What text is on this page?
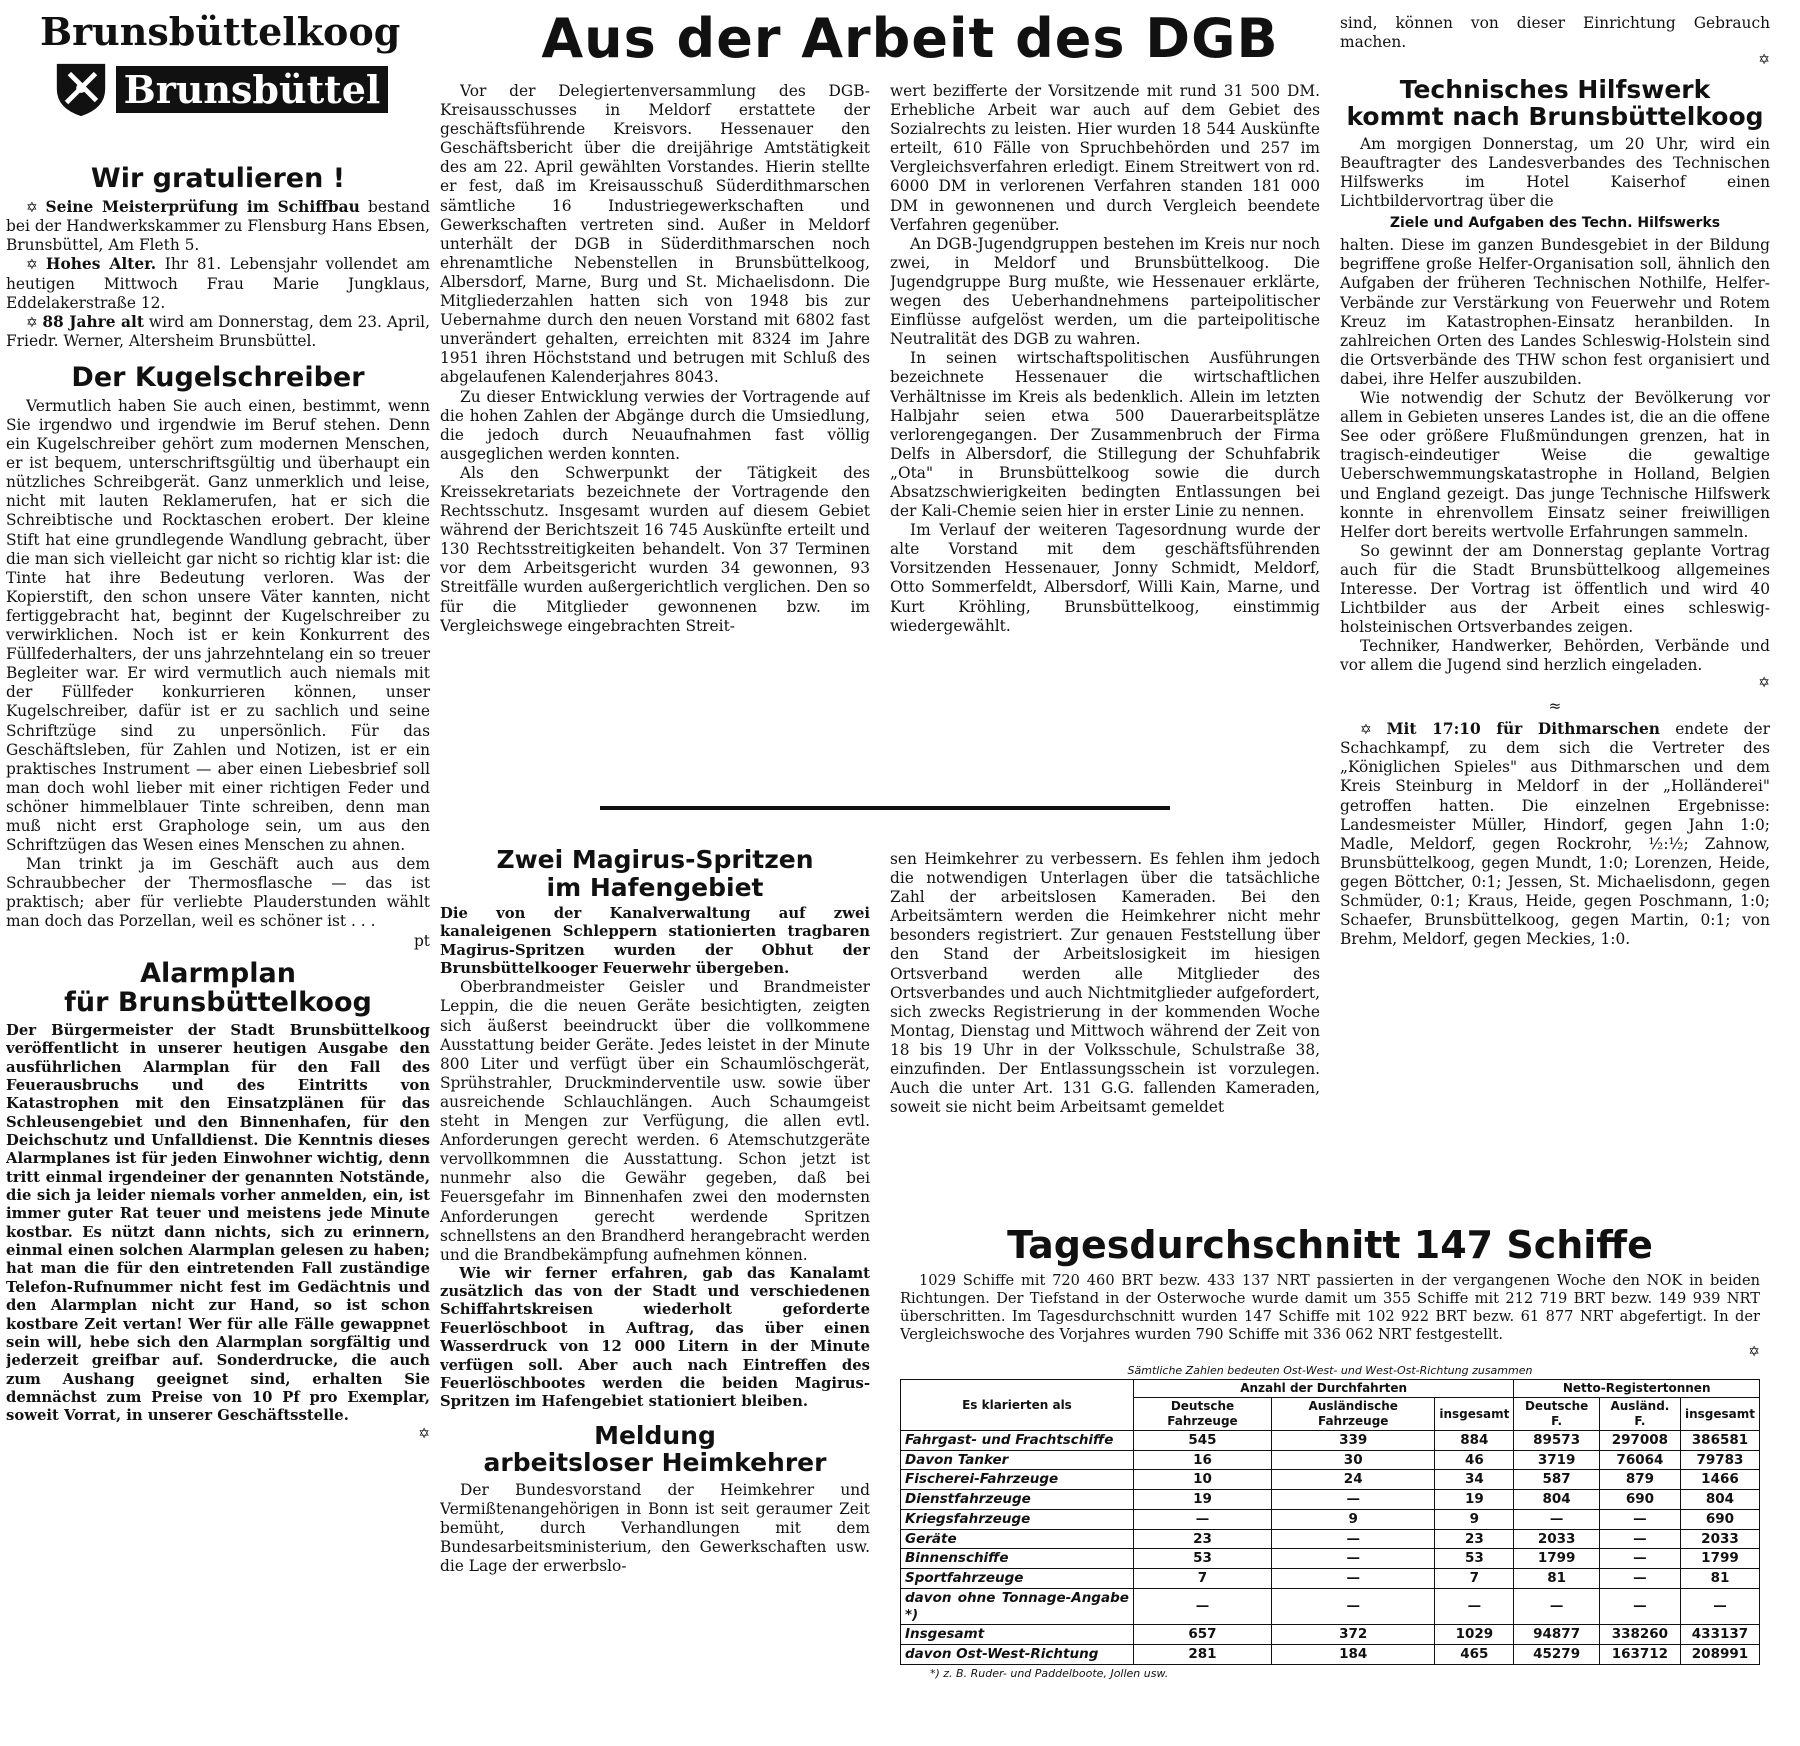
Brunsbüttelkoog
Brunsbüttel
Aus der Arbeit des DGB
Wir gratulieren !

✡ Seine Meisterprüfung im Schiffbau bestand bei der Handwerkskammer zu Flensburg Hans Ebsen, Brunsbüttel, Am Fleth 5.

✡ Hohes Alter. Ihr 81. Lebensjahr vollendet am heutigen Mittwoch Frau Marie Jungklaus, Eddelakerstraße 12.

✡ 88 Jahre alt wird am Donnerstag, dem 23. April, Friedr. Werner, Altersheim Brunsbüttel.

Der Kugelschreiber

Vermutlich haben Sie auch einen, bestimmt, wenn Sie irgendwo und irgendwie im Beruf stehen. Denn ein Kugelschreiber gehört zum modernen Menschen, er ist bequem, unterschriftsgültig und überhaupt ein nützliches Schreibgerät. Ganz unmerklich und leise, nicht mit lauten Reklamerufen, hat er sich die Schreibtische und Rocktaschen erobert. Der kleine Stift hat eine grundlegende Wandlung gebracht, über die man sich vielleicht gar nicht so richtig klar ist: die Tinte hat ihre Bedeutung verloren. Was der Kopierstift, den schon unsere Väter kannten, nicht fertiggebracht hat, beginnt der Kugelschreiber zu verwirklichen. Noch ist er kein Konkurrent des Füllfederhalters, der uns jahrzehntelang ein so treuer Begleiter war. Er wird vermutlich auch niemals mit der Füllfeder konkurrieren können, unser Kugelschreiber, dafür ist er zu sachlich und seine Schriftzüge sind zu unpersönlich. Für das Geschäftsleben, für Zahlen und Notizen, ist er ein praktisches Instrument — aber einen Liebesbrief soll man doch wohl lieber mit einer richtigen Feder und schöner himmelblauer Tinte schreiben, denn man muß nicht erst Graphologe sein, um aus den Schriftzügen das Wesen eines Menschen zu ahnen.

Man trinkt ja im Geschäft auch aus dem Schraubbecher der Thermosflasche — das ist praktisch; aber für verliebte Plauderstunden wählt man doch das Porzellan, weil es schöner ist . . .

pt
Alarmplan
für Brunsbüttelkoog

Der Bürgermeister der Stadt Brunsbüttelkoog veröffentlicht in unserer heutigen Ausgabe den ausführlichen Alarmplan für den Fall des Feuerausbruchs und des Eintritts von Katastrophen mit den Einsatzplänen für das Schleusengebiet und den Binnenhafen, für den Deichschutz und Unfalldienst. Die Kenntnis dieses Alarmplanes ist für jeden Einwohner wichtig, denn tritt einmal irgendeiner der genannten Notstände, die sich ja leider niemals vorher anmelden, ein, ist immer guter Rat teuer und meistens jede Minute kostbar. Es nützt dann nichts, sich zu erinnern, einmal einen solchen Alarmplan gelesen zu haben; hat man die für den eintretenden Fall zuständige Telefon-Rufnummer nicht fest im Gedächtnis und den Alarmplan nicht zur Hand, so ist schon kostbare Zeit vertan! Wer für alle Fälle gewappnet sein will, hebe sich den Alarmplan sorgfältig und jederzeit greifbar auf. Sonderdrucke, die auch zum Aushang geeignet sind, erhalten Sie demnächst zum Preise von 10 Pf pro Exemplar, soweit Vorrat, in unserer Geschäftsstelle.

✡

Vor der Delegiertenversammlung des DGB-Kreisausschusses in Meldorf erstattete der geschäftsführende Kreisvors. Hessenauer den Geschäftsbericht über die dreijährige Amtstätigkeit des am 22. April gewählten Vorstandes. Hierin stellte er fest, daß im Kreisausschuß Süderdithmarschen sämtliche 16 Industriegewerkschaften und Gewerkschaften vertreten sind. Außer in Meldorf unterhält der DGB in Süderdithmarschen noch ehrenamtliche Nebenstellen in Brunsbüttelkoog, Albersdorf, Marne, Burg und St. Michaelisdonn. Die Mitgliederzahlen hatten sich von 1948 bis zur Uebernahme durch den neuen Vorstand mit 6802 fast unverändert gehalten, erreichten mit 8324 im Jahre 1951 ihren Höchststand und betrugen mit Schluß des abgelaufenen Kalenderjahres 8043.

Zu dieser Entwicklung verwies der Vortragende auf die hohen Zahlen der Abgänge durch die Umsiedlung, die jedoch durch Neuaufnahmen fast völlig ausgeglichen werden konnten.

Als den Schwerpunkt der Tätigkeit des Kreissekretariats bezeichnete der Vortragende den Rechtsschutz. Insgesamt wurden auf diesem Gebiet während der Berichtszeit 16 745 Auskünfte erteilt und 130 Rechtsstreitigkeiten behandelt. Von 37 Terminen vor dem Arbeitsgericht wurden 34 gewonnen, 93 Streitfälle wurden außergerichtlich verglichen. Den so für die Mitglieder gewonnenen bzw. im Vergleichswege eingebrachten Streit-

wert bezifferte der Vorsitzende mit rund 31 500 DM. Erhebliche Arbeit war auch auf dem Gebiet des Sozialrechts zu leisten. Hier wurden 18 544 Auskünfte erteilt, 610 Fälle von Spruchbehörden und 257 im Vergleichsverfahren erledigt. Einem Streitwert von rd. 6000 DM in verlorenen Verfahren standen 181 000 DM in gewonnenen und durch Vergleich beendete Verfahren gegenüber.

An DGB-Jugendgruppen bestehen im Kreis nur noch zwei, in Meldorf und Brunsbüttelkoog. Die Jugendgruppe Burg mußte, wie Hessenauer erklärte, wegen des Ueberhandnehmens parteipolitischer Einflüsse aufgelöst werden, um die parteipolitische Neutralität des DGB zu wahren.

In seinen wirtschaftspolitischen Ausführungen bezeichnete Hessenauer die wirtschaftlichen Verhältnisse im Kreis als bedenklich. Allein im letzten Halbjahr seien etwa 500 Dauerarbeitsplätze verlorengegangen. Der Zusammenbruch der Firma Delfs in Albersdorf, die Stillegung der Schuhfabrik „Ota" in Brunsbüttelkoog sowie die durch Absatzschwierigkeiten bedingten Entlassungen bei der Kali-Chemie seien hier in erster Linie zu nennen.

Im Verlauf der weiteren Tagesordnung wurde der alte Vorstand mit dem geschäftsführenden Vorsitzenden Hessenauer, Jonny Schmidt, Meldorf, Otto Sommerfeldt, Albersdorf, Willi Kain, Marne, und Kurt Kröhling, Brunsbüttelkoog, einstimmig wiedergewählt.

Zwei Magirus-Spritzen
im Hafengebiet

Die von der Kanalverwaltung auf zwei kanaleigenen Schleppern stationierten tragbaren Magirus-Spritzen wurden der Obhut der Brunsbüttelkooger Feuerwehr übergeben.

Oberbrandmeister Geisler und Brandmeister Leppin, die die neuen Geräte besichtigten, zeigten sich äußerst beeindruckt über die vollkommene Ausstattung beider Geräte. Jedes leistet in der Minute 800 Liter und verfügt über ein Schaumlöschgerät, Sprühstrahler, Druckminderventile usw. sowie über ausreichende Schlauchlängen. Auch Schaumgeist steht in Mengen zur Verfügung, die allen evtl. Anforderungen gerecht werden. 6 Atemschutzgeräte vervollkommnen die Ausstattung. Schon jetzt ist nunmehr also die Gewähr gegeben, daß bei Feuersgefahr im Binnenhafen zwei den modernsten Anforderungen gerecht werdende Spritzen schnellstens an den Brandherd herangebracht werden und die Brandbekämpfung aufnehmen können.

Wie wir ferner erfahren, gab das Kanalamt zusätzlich das von der Stadt und verschiedenen Schiffahrtskreisen wiederholt geforderte Feuerlöschboot in Auftrag, das über einen Wasserdruck von 12 000 Litern in der Minute verfügen soll. Aber auch nach Eintreffen des Feuerlöschbootes werden die beiden Magirus-Spritzen im Hafengebiet stationiert bleiben.

Meldung
arbeitsloser Heimkehrer

Der Bundesvorstand der Heimkehrer und Vermißtenangehörigen in Bonn ist seit geraumer Zeit bemüht, durch Verhandlungen mit dem Bundesarbeitsministerium, den Gewerkschaften usw. die Lage der erwerbslo-

sen Heimkehrer zu verbessern. Es fehlen ihm jedoch die notwendigen Unterlagen über die tatsächliche Zahl der arbeitslosen Kameraden. Bei den Arbeitsämtern werden die Heimkehrer nicht mehr besonders registriert. Zur genauen Feststellung über den Stand der Arbeitslosigkeit im hiesigen Ortsverband werden alle Mitglieder des Ortsverbandes und auch Nichtmitglieder aufgefordert, sich zwecks Registrierung in der kommenden Woche Montag, Dienstag und Mittwoch während der Zeit von 18 bis 19 Uhr in der Volksschule, Schulstraße 38, einzufinden. Der Entlassungsschein ist vorzulegen. Auch die unter Art. 131 G.G. fallenden Kameraden, soweit sie nicht beim Arbeitsamt gemeldet

sind, können von dieser Einrichtung Gebrauch machen.

✡
Technisches Hilfswerk
kommt nach Brunsbüttelkoog

Am morgigen Donnerstag, um 20 Uhr, wird ein Beauftragter des Landesverbandes des Technischen Hilfswerks im Hotel Kaiserhof einen Lichtbildervortrag über die

Ziele und Aufgaben des Techn. Hilfswerks

halten. Diese im ganzen Bundesgebiet in der Bildung begriffene große Helfer-Organisation soll, ähnlich den Aufgaben der früheren Technischen Nothilfe, Helfer-Verbände zur Verstärkung von Feuerwehr und Rotem Kreuz im Katastrophen-Einsatz heranbilden. In zahlreichen Orten des Landes Schleswig-Holstein sind die Ortsverbände des THW schon fest organisiert und dabei, ihre Helfer auszubilden.

Wie notwendig der Schutz der Bevölkerung vor allem in Gebieten unseres Landes ist, die an die offene See oder größere Flußmündungen grenzen, hat in tragisch-eindeutiger Weise die gewaltige Ueberschwemmungskatastrophe in Holland, Belgien und England gezeigt. Das junge Technische Hilfswerk konnte in ehrenvollem Einsatz seiner freiwilligen Helfer dort bereits wertvolle Erfahrungen sammeln.

So gewinnt der am Donnerstag geplante Vortrag auch für die Stadt Brunsbüttelkoog allgemeines Interesse. Der Vortrag ist öffentlich und wird 40 Lichtbilder aus der Arbeit eines schleswig-holsteinischen Ortsverbandes zeigen.

Techniker, Handwerker, Behörden, Verbände und vor allem die Jugend sind herzlich eingeladen.

✡
≈

✡ Mit 17:10 für Dithmarschen endete der Schachkampf, zu dem sich die Vertreter des „Königlichen Spieles" aus Dithmarschen und dem Kreis Steinburg in Meldorf in der „Holländerei" getroffen hatten. Die einzelnen Ergebnisse: Landesmeister Müller, Hindorf, gegen Jahn 1:0; Madle, Meldorf, gegen Rockrohr, ½:½; Zahnow, Brunsbüttelkoog, gegen Mundt, 1:0; Lorenzen, Heide, gegen Böttcher, 0:1; Jessen, St. Michaelisdonn, gegen Schmüder, 0:1; Kraus, Heide, gegen Poschmann, 1:0; Schaefer, Brunsbüttelkoog, gegen Martin, 0:1; von Brehm, Meldorf, gegen Meckies, 1:0.

Tagesdurchschnitt 147 Schiffe

1029 Schiffe mit 720 460 BRT bezw. 433 137 NRT passierten in der vergangenen Woche den NOK in beiden Richtungen. Der Tiefstand in der Osterwoche wurde damit um 355 Schiffe mit 212 719 BRT bezw. 149 939 NRT überschritten. Im Tagesdurchschnitt wurden 147 Schiffe mit 102 922 BRT bezw. 61 877 NRT abgefertigt. In der Vergleichswoche des Vorjahres wurden 790 Schiffe mit 336 062 NRT festgestellt.

✡
Sämtliche Zahlen bedeuten Ost-West- und West-Ost-Richtung zusammen
Es klarierten als	Anzahl der Durchfahrten			Netto-Registertonnen		
	Deutsche Fahrzeuge	Ausländische Fahrzeuge	insgesamt	Deutsche F.	Ausländ. F.	insgesamt
Fahrgast- und Frachtschiffe	545	339	884	89573	297008	386581
Davon Tanker	16	30	46	3719	76064	79783
Fischerei-Fahrzeuge	10	24	34	587	879	1466
Dienstfahrzeuge	19	—	19	804	690	804
Kriegsfahrzeuge	—	9	9	—	—	690
Geräte	23	—	23	2033	—	2033
Binnenschiffe	53	—	53	1799	—	1799
Sportfahrzeuge	7	—	7	81	—	81
davon ohne Tonnage-Angabe *)	—	—	—	—	—	—
Insgesamt	657	372	1029	94877	338260	433137
davon Ost-West-Richtung	281	184	465	45279	163712	208991
*) z. B. Ruder- und Paddelboote, Jollen usw.
